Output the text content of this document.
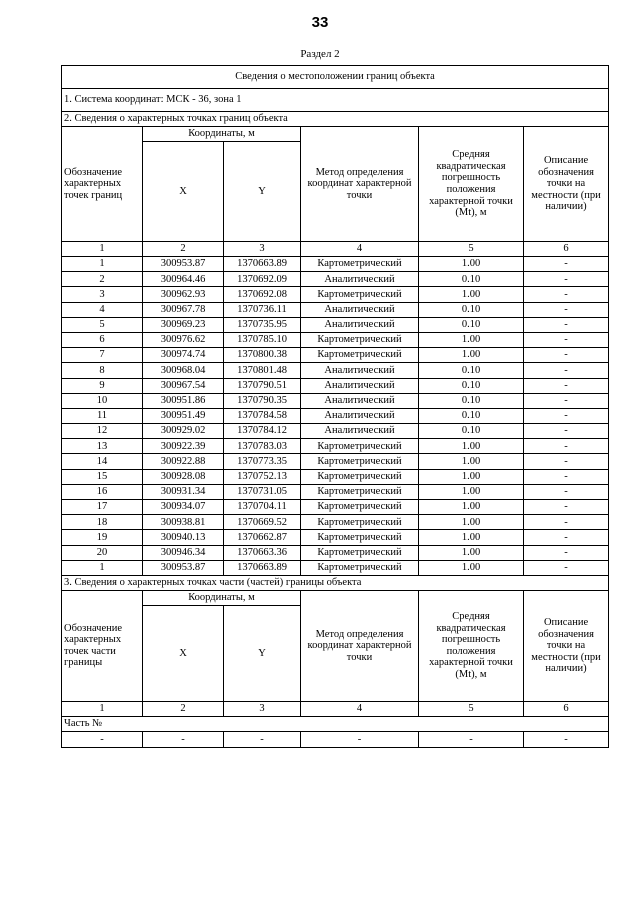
33
Раздел 2
Сведения о местоположении границ объекта					
1. Система координат: МСК - 36, зона 1					
2. Сведения о характерных точках границ объекта					
Обозначение характерных точек границ	Координаты, м		Метод определения координат характерной точки	Средняя квадратическая погрешность положения характерной точки (Mt), м	Описание обозначения точки на местности (при наличии)
	X	Y			
1	2	3	4	5	6
1	300953.87	1370663.89	Картометрический	1.00	-
2	300964.46	1370692.09	Аналитический	0.10	-
3	300962.93	1370692.08	Картометрический	1.00	-
4	300967.78	1370736.11	Аналитический	0.10	-
5	300969.23	1370735.95	Аналитический	0.10	-
6	300976.62	1370785.10	Картометрический	1.00	-
7	300974.74	1370800.38	Картометрический	1.00	-
8	300968.04	1370801.48	Аналитический	0.10	-
9	300967.54	1370790.51	Аналитический	0.10	-
10	300951.86	1370790.35	Аналитический	0.10	-
11	300951.49	1370784.58	Аналитический	0.10	-
12	300929.02	1370784.12	Аналитический	0.10	-
13	300922.39	1370783.03	Картометрический	1.00	-
14	300922.88	1370773.35	Картометрический	1.00	-
15	300928.08	1370752.13	Картометрический	1.00	-
16	300931.34	1370731.05	Картометрический	1.00	-
17	300934.07	1370704.11	Картометрический	1.00	-
18	300938.81	1370669.52	Картометрический	1.00	-
19	300940.13	1370662.87	Картометрический	1.00	-
20	300946.34	1370663.36	Картометрический	1.00	-
1	300953.87	1370663.89	Картометрический	1.00	-
3. Сведения о характерных точках части (частей) границы объекта					
Обозначение характерных точек части границы	Координаты, м		Метод определения координат характерной точки	Средняя квадратическая погрешность положения характерной точки (Mt), м	Описание обозначения точки на местности (при наличии)
	X	Y			
1	2	3	4	5	6
Часть №					
-	-	-	-	-	-
